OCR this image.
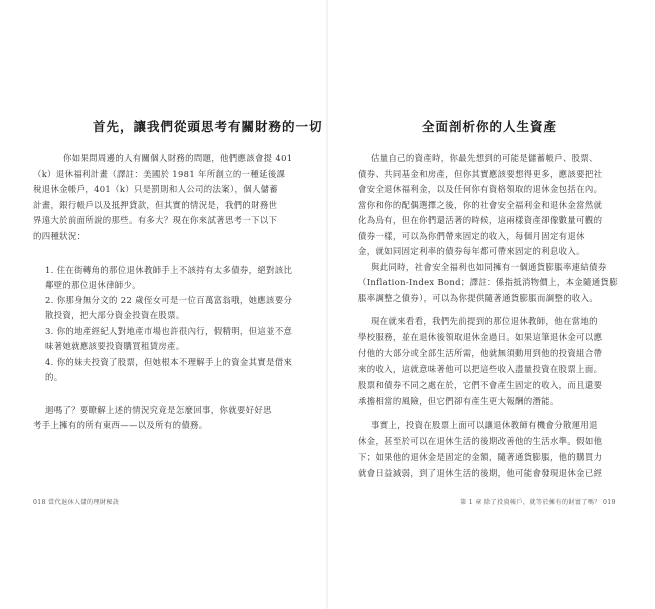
首先，讓我們從頭思考有關財務的一切
你如果問周邊的人有關個人財務的問題，他們應該會提 401
（k）退休福利計畫（譯註：美國於 1981 年所創立的一種延後課
稅退休金帳戶，401（k）只是罰則和人公司的法案），個人儲蓄
計畫，銀行帳戶以及抵押貸款，但其實的情況是，我們的財務世
界遠大於前面所說的那些。有多大？現在你來試著思考一下以下
的四種狀況：
1. 住在街轉角的那位退休教師手上不該持有太多債券，絕對該比
鄰壁的那位退休律師少。
2. 你那身無分文的 22 歲侄女可是一位百萬富翁哦，她應該要分
散投資，把大部分資金投資在股票。
3. 你的地產經紀人對地產市場也許很內行，假精明，但這並不意
味著她就應該要投資購買租賃房產。
4. 你的妹夫投資了股票，但她根本不理解手上的資金其實是借來
的。
迴嗎了？要瞭解上述的情況究竟是怎麼回事，你就要好好思
考手上擁有的所有東西——以及所有的債務。
018 當代退休人儲的理財秘訣
全面剖析你的人生資產
估量自己的資產時，你最先想到的可能是儲蓄帳戶、股票、
債券、共同基金和房產，但你其實應該要想得更多，應該要把社
會安全退休福利金，以及任何你有資格領取的退休金包括在內。
當你和你的配偶選擇之後，你的社會安全福利金和退休金當然就
化為烏有，但在你們還活著的時候，這兩樣資產卻像數量可觀的
債券一樣，可以為你們帶來固定的收入，每個月固定有退休
金，就如同固定利率的債券每年都可帶來固定的利息收入。
與此同時，社會安全福利也如同擁有一個通貨膨脹率連結債券
（Inflation-Index Bond；譯註：係指抵消物價上，本金隨通貨膨
脹率調整之債券），可以為你提供隨著通貨膨脹而調整的收入。
現在就來看看，我們先前提到的那位退休教師，他在當地的
學校服務，並在退休後領取退休金過日。如果這筆退休金可以應
付他的大部分或全部生活所需，他就無須動用到他的投資組合帶
來的收入，這就意味著他可以把這些收入盡量投資在股票上面。
股票和債券不同之處在於，它們不會產生固定的收入，而且還要
承擔相當的風險，但它們卻有產生更大報酬的潛能。
事實上，投資在股票上面可以讓退休教師有機會分散運用退
休金，甚至於可以在退休生活的後期改善他的生活水準。假如他
下；如果他的退休金是固定的金額，隨著通貨膨脹，他的購買力
就會日益減弱，到了退休生活的後期，他可能會發現退休金已經
第 1 章 除了投資帳戶，就等於擁有的財富了嗎？ 019
